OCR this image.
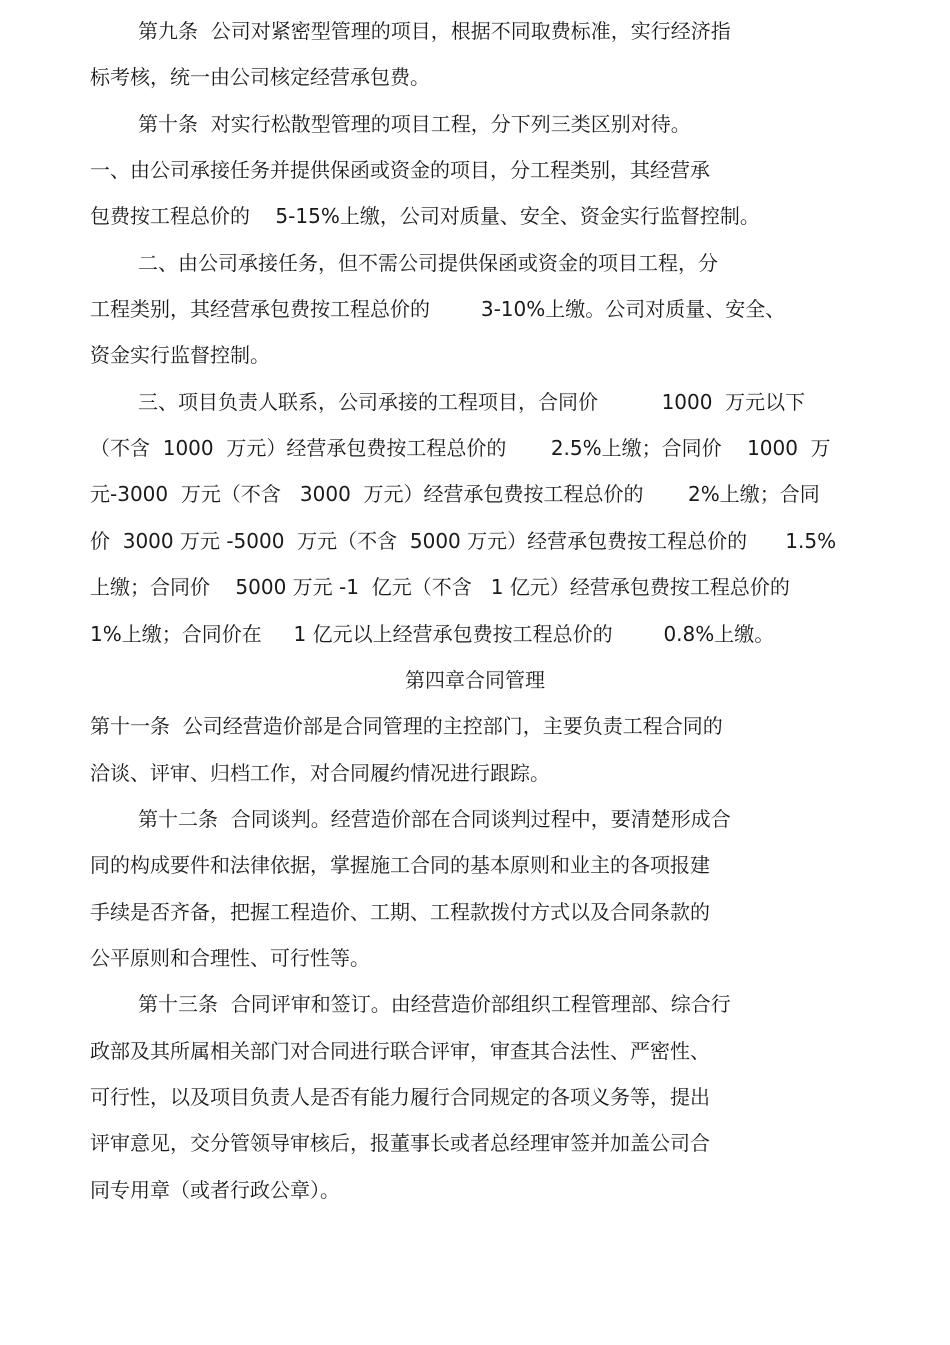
第九条  公司对紧密型管理的项目，根据不同取费标准，实行经济指
标考核，统一由公司核定经营承包费。
第十条  对实行松散型管理的项目工程，分下列三类区别对待。
一、由公司承接任务并提供保函或资金的项目，分工程类别，其经营承
包费按工程总价的    5-15%上缴，公司对质量、安全、资金实行监督控制。
二、由公司承接任务，但不需公司提供保函或资金的项目工程，分
工程类别，其经营承包费按工程总价的        3-10%上缴。公司对质量、安全、
资金实行监督控制。
三、项目负责人联系，公司承接的工程项目，合同价          1000  万元以下
（不含  1000  万元）经营承包费按工程总价的       2.5%上缴；合同价    1000  万
元-3000  万元（不含   3000  万元）经营承包费按工程总价的       2%上缴；合同
价  3000 万元 -5000  万元（不含  5000 万元）经营承包费按工程总价的      1.5%
上缴；合同价    5000 万元 -1  亿元（不含   1 亿元）经营承包费按工程总价的
1%上缴；合同价在     1 亿元以上经营承包费按工程总价的        0.8%上缴。
第四章合同管理
第十一条  公司经营造价部是合同管理的主控部门，主要负责工程合同的
洽谈、评审、归档工作，对合同履约情况进行跟踪。
第十二条  合同谈判。经营造价部在合同谈判过程中，要清楚形成合
同的构成要件和法律依据，掌握施工合同的基本原则和业主的各项报建
手续是否齐备，把握工程造价、工期、工程款拨付方式以及合同条款的
公平原则和合理性、可行性等。
第十三条  合同评审和签订。由经营造价部组织工程管理部、综合行
政部及其所属相关部门对合同进行联合评审，审查其合法性、严密性、
可行性，以及项目负责人是否有能力履行合同规定的各项义务等，提出
评审意见，交分管领导审核后，报董事长或者总经理审签并加盖公司合
同专用章（或者行政公章）。
